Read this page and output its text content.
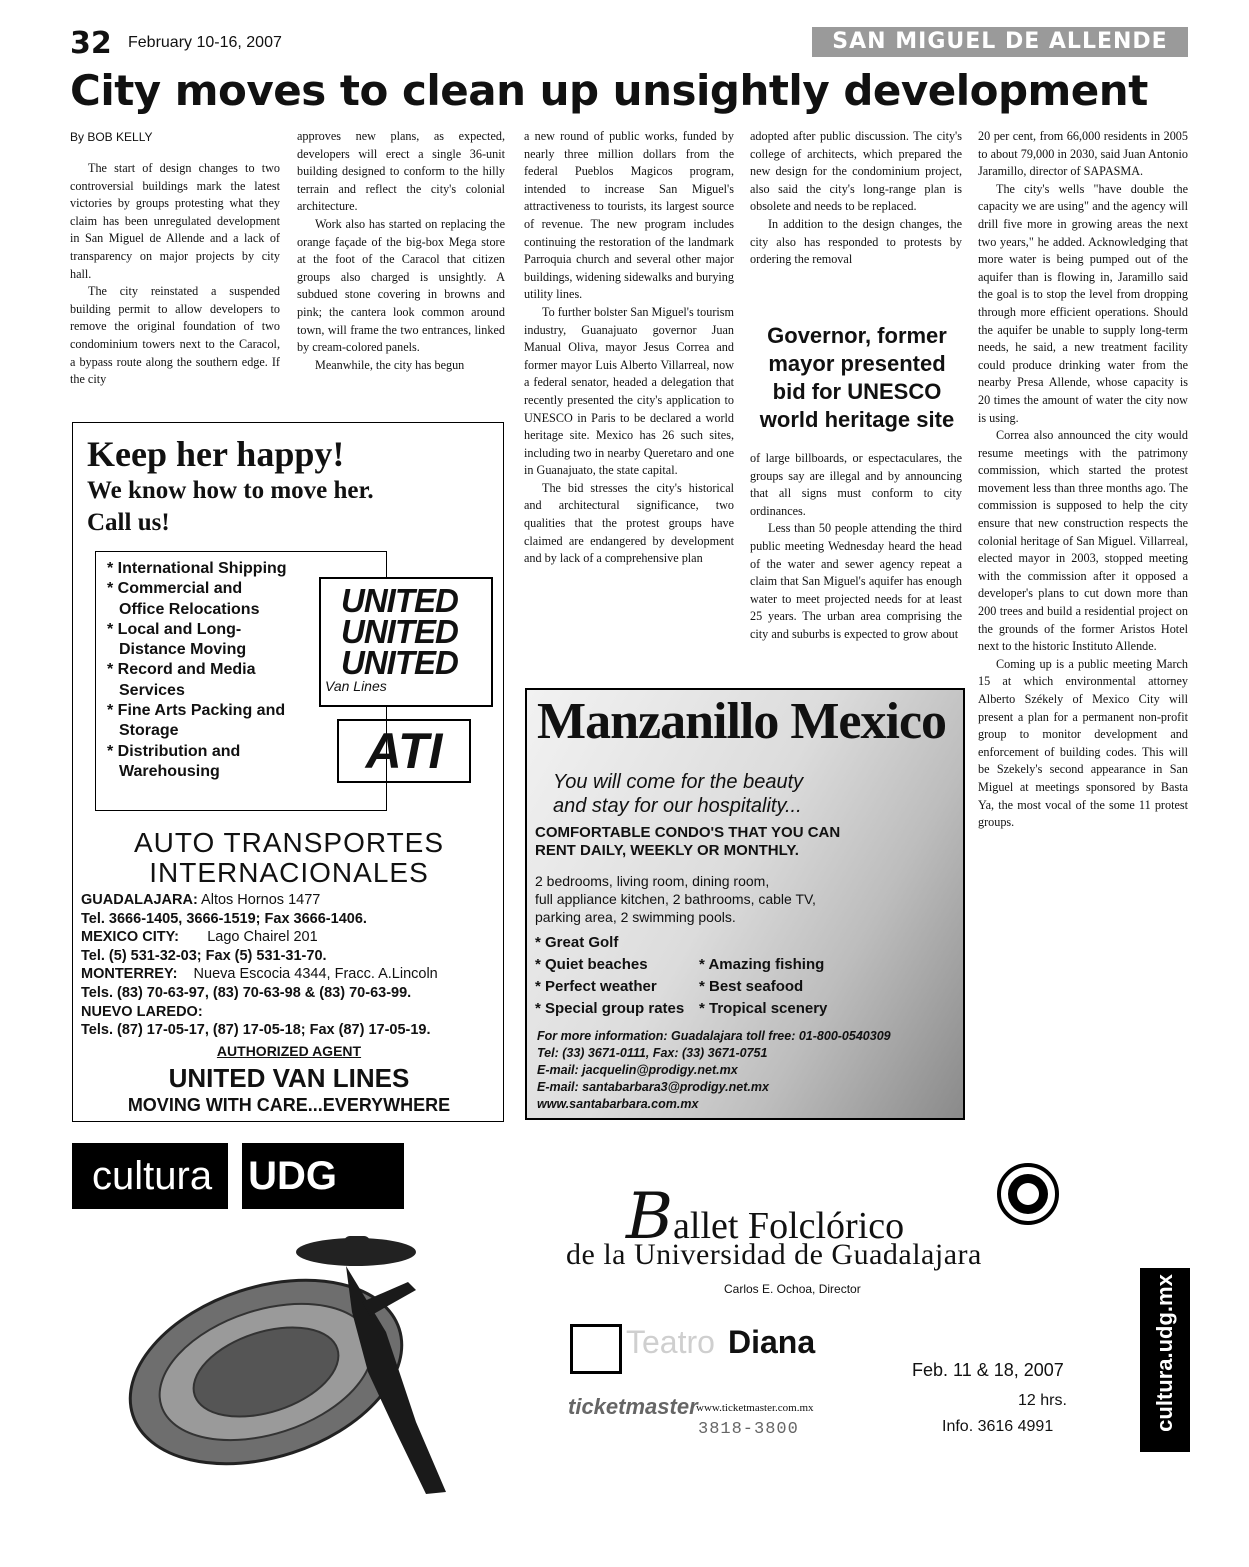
32 February 10-16, 2007	SAN MIGUEL DE ALLENDE
City moves to clean up unsightly development
By BOB KELLY

The start of design changes to two controversial buildings mark the latest victories by groups protesting what they claim has been unregulated development in San Miguel de Allende and a lack of transparency on major projects by city hall.

The city reinstated a suspended building permit to allow developers to remove the original foundation of two condominium towers next to the Caracol, a bypass route along the southern edge. If the city

approves new plans, as expected, developers will erect a single 36-unit building designed to conform to the hilly terrain and reflect the city's colonial architecture.

Work also has started on replacing the orange façade of the big-box Mega store at the foot of the Caracol that citizen groups also charged is unsightly. A subdued stone covering in browns and pink; the cantera look common around town, will frame the two entrances, linked by cream-colored panels.

Meanwhile, the city has begun

a new round of public works, funded by nearly three million dollars from the federal Pueblos Magicos program, intended to increase San Miguel's attractiveness to tourists, its largest source of revenue. The new program includes continuing the restoration of the landmark Parroquia church and several other major buildings, widening sidewalks and burying utility lines.

To further bolster San Miguel's tourism industry, Guanajuato governor Juan Manual Oliva, mayor Jesus Correa and former mayor Luis Alberto Villarreal, now a federal senator, headed a delegation that recently presented the city's application to UNESCO in Paris to be declared a world heritage site. Mexico has 26 such sites, including two in nearby Queretaro and one in Guanajuato, the state capital.

The bid stresses the city's historical and architectural significance, two qualities that the protest groups have claimed are endangered by development and by lack of a comprehensive plan

adopted after public discussion. The city's college of architects, which prepared the new design for the condominium project, also said the city's long-range plan is obsolete and needs to be replaced.

In addition to the design changes, the city also has responded to protests by ordering the removal

Governor, former mayor presented bid for UNESCO world heritage site

of large billboards, or espectaculares, the groups say are illegal and by announcing that all signs must conform to city ordinances.

Less than 50 people attending the third public meeting Wednesday heard the head of the water and sewer agency repeat a claim that San Miguel's aquifer has enough water to meet projected needs for at least 25 years. The urban area comprising the city and suburbs is expected to grow about

20 per cent, from 66,000 residents in 2005 to about 79,000 in 2030, said Juan Antonio Jaramillo, director of SAPASMA.

The city's wells "have double the capacity we are using" and the agency will drill five more in growing areas the next two years," he added. Acknowledging that more water is being pumped out of the aquifer than is flowing in, Jaramillo said the goal is to stop the level from dropping through more efficient operations. Should the aquifer be unable to supply long-term needs, he said, a new treatment facility could produce drinking water from the nearby Presa Allende, whose capacity is 20 times the amount of water the city now is using.

Correa also announced the city would resume meetings with the patrimony commission, which started the protest movement less than three months ago. The commission is supposed to help the city ensure that new construction respects the colonial heritage of San Miguel. Villarreal, elected mayor in 2003, stopped meeting with the commission after it opposed a developer's plans to cut down more than 200 trees and build a residential project on the grounds of the former Aristos Hotel next to the historic Instituto Allende.

Coming up is a public meeting March 15 at which environmental attorney Alberto Székely of Mexico City will present a plan for a permanent non-profit group to monitor development and enforcement of building codes. This will be Szekely's second appearance in San Miguel at meetings sponsored by Basta Ya, the most vocal of the some 11 protest groups.

Keep her happy!
We know how to move her.
Call us!
* International Shipping
* Commercial and Office Relocations
* Local and Long-Distance Moving
* Record and Media Services
* Fine Arts Packing and Storage
* Distribution and Warehousing
UNITED
UNITED
UNITED
Van Lines
ATI
AUTO TRANSPORTES
INTERNACIONALES
GUADALAJARA: Altos Hornos 1477
Tel. 3666-1405, 3666-1519; Fax 3666-1406.
MEXICO CITY: Lago Chairel 201
Tel. (5) 531-32-03; Fax (5) 531-31-70.
MONTERREY: Nueva Escocia 4344, Fracc. A.Lincoln
Tels. (83) 70-63-97, (83) 70-63-98 & (83) 70-63-99.
NUEVO LAREDO:
Tels. (87) 17-05-17, (87) 17-05-18; Fax (87) 17-05-19.
AUTHORIZED AGENT
UNITED VAN LINES
MOVING WITH CARE...EVERYWHERE
Manzanillo Mexico
You will come for the beauty
and stay for our hospitality...
COMFORTABLE CONDO'S THAT YOU CAN
RENT DAILY, WEEKLY OR MONTHLY.
2 bedrooms, living room, dining room,
full appliance kitchen, 2 bathrooms, cable TV,
parking area, 2 swimming pools.
* Great Golf
* Quiet beaches
* Perfect weather
* Special group rates
* Amazing fishing
* Best seafood
* Tropical scenery
For more information: Guadalajara toll free: 01-800-0540309
Tel: (33) 3671-0111, Fax: (33) 3671-0751
E-mail: jacquelin@prodigy.net.mx
E-mail: santabarbara3@prodigy.net.mx
www.santabarbara.com.mx
cultura UDG
Ballet Folclórico
de la Universidad de Guadalajara
Carlos E. Ochoa, Director
Teatro Diana
ticketmaster
www.ticketmaster.com.mx
3818-3800
Feb. 11 & 18, 2007
12 hrs.
Info. 3616 4991	cultura.udg.mx
